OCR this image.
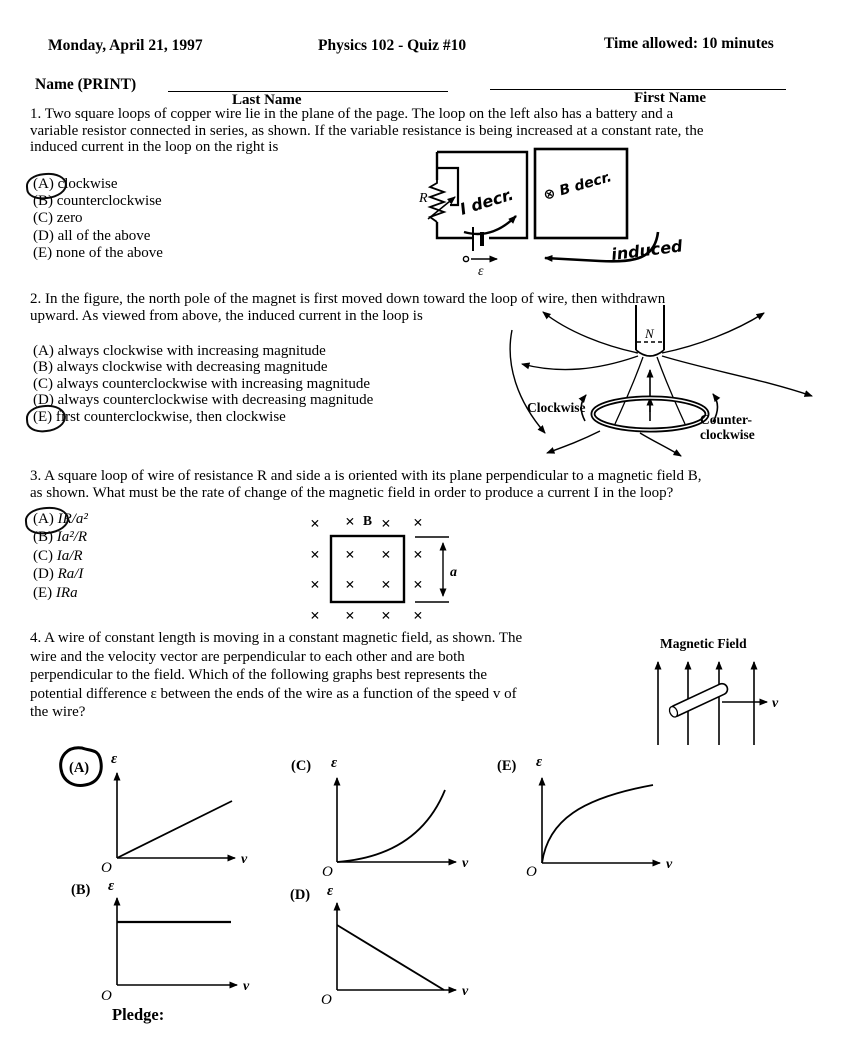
Monday, April 21, 1997	Physics 102 - Quiz #10	Time allowed: 10 minutes
Name (PRINT)
Last Name	First Name
1. Two square loops of copper wire lie in the plane of the page. The loop on the left also has a battery and a
variable resistor connected in series, as shown. If the variable resistance is being increased at a constant rate, the
induced current in the loop on the right is
(A) clockwise
(B) counterclockwise
(C) zero
(D) all of the above
(E) none of the above
R
ε
I decr. ⊗ B decr.
induced
2. In the figure, the north pole of the magnet is first moved down toward the loop of wire, then withdrawn
upward. As viewed from above, the induced current in the loop is
(A) always clockwise with increasing magnitude
(B) always clockwise with decreasing magnitude
(C) always counterclockwise with increasing magnitude
(D) always counterclockwise with decreasing magnitude
(E) first counterclockwise, then clockwise
N
Clockwise
Counter-
clockwise
3. A square loop of wire of resistance R and side a is oriented with its plane perpendicular to a magnetic field B,
as shown. What must be the rate of change of the magnetic field in order to produce a current I in the loop?
(A) IR/a²
(B) Ia²/R
(C) Ia/R
(D) Ra/I
(E) IRa
× × × ×
× × × ×
× × × ×
× × × ×
B
a
4. A wire of constant length is moving in a constant magnetic field, as shown. The
wire and the velocity vector are perpendicular to each other and are both
perpendicular to the field. Which of the following graphs best represents the
potential difference ε between the ends of the wire as a function of the speed v of
the wire?
Magnetic Field
v
(A)
ε
O
v
(C) ε
O
v
(E) ε
O	v
(B) ε
O
v
(D) ε
O
v
Pledge:
